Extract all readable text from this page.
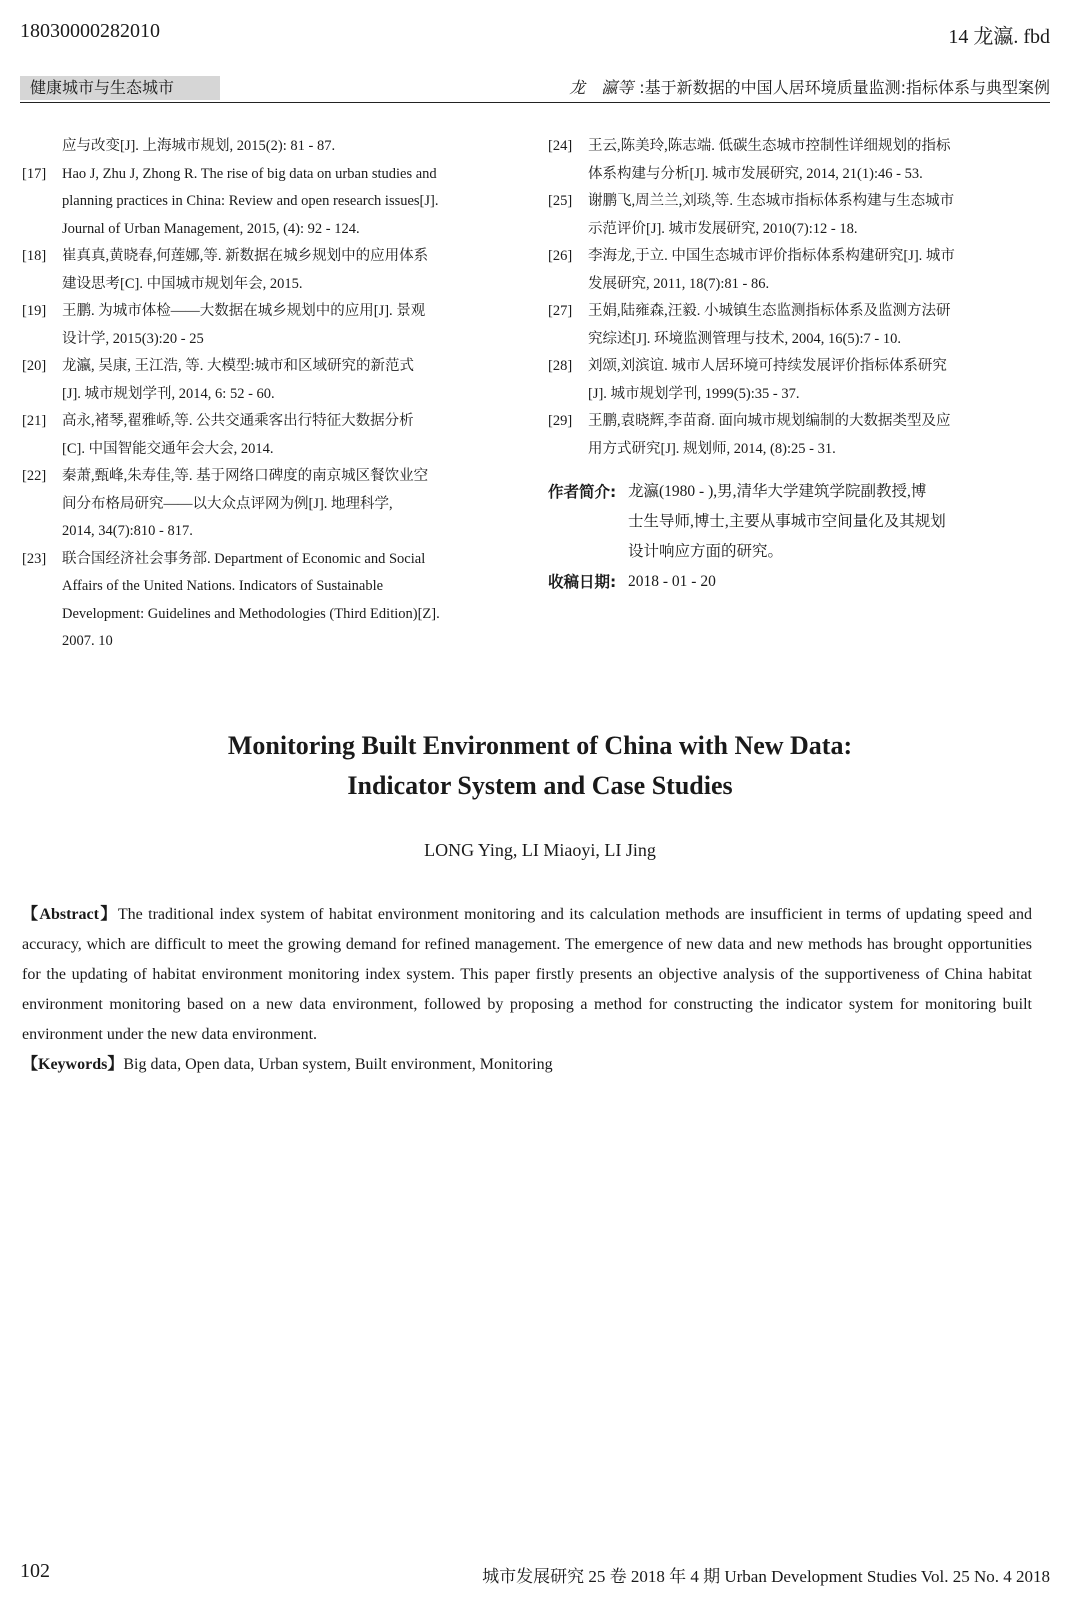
18030000282010	14 龙瀛. fbd
健康城市与生态城市	龙　瀛等 :基于新数据的中国人居环境质量监测:指标体系与典型案例
应与改变[J]. 上海城市规划, 2015(2): 81 - 87.
[17]	Hao J, Zhu J, Zhong R. The rise of big data on urban studies and
planning practices in China: Review and open research issues[J].
Journal of Urban Management, 2015, (4): 92 - 124.
[18]	崔真真,黄晓春,何莲娜,等. 新数据在城乡规划中的应用体系
建设思考[C]. 中国城市规划年会, 2015.
[19]	王鹏. 为城市体检——大数据在城乡规划中的应用[J]. 景观
设计学, 2015(3):20 - 25
[20]	龙瀛, 吴康, 王江浩, 等. 大模型:城市和区域研究的新范式
[J]. 城市规划学刊, 2014, 6: 52 - 60.
[21]	高永,褚琴,翟雅峤,等. 公共交通乘客出行特征大数据分析
[C]. 中国智能交通年会大会, 2014.
[22]	秦萧,甄峰,朱寿佳,等. 基于网络口碑度的南京城区餐饮业空
间分布格局研究——以大众点评网为例[J]. 地理科学,
2014, 34(7):810 - 817.
[23]	联合国经济社会事务部. Department of Economic and Social
Affairs of the United Nations. Indicators of Sustainable
Development: Guidelines and Methodologies (Third Edition)[Z].
2007. 10
[24]	王云,陈美玲,陈志端. 低碳生态城市控制性详细规划的指标
体系构建与分析[J]. 城市发展研究, 2014, 21(1):46 - 53.
[25]	谢鹏飞,周兰兰,刘琰,等. 生态城市指标体系构建与生态城市
示范评价[J]. 城市发展研究, 2010(7):12 - 18.
[26]	李海龙,于立. 中国生态城市评价指标体系构建研究[J]. 城市
发展研究, 2011, 18(7):81 - 86.
[27]	王娟,陆雍森,汪毅. 小城镇生态监测指标体系及监测方法研
究综述[J]. 环境监测管理与技术, 2004, 16(5):7 - 10.
[28]	刘颂,刘滨谊. 城市人居环境可持续发展评价指标体系研究
[J]. 城市规划学刊, 1999(5):35 - 37.
[29]	王鹏,袁晓辉,李苗裔. 面向城市规划编制的大数据类型及应
用方式研究[J]. 规划师, 2014, (8):25 - 31.
作者简介: 龙瀛(1980 - ),男,清华大学建筑学院副教授,博
士生导师,博士,主要从事城市空间量化及其规划
设计响应方面的研究。
收稿日期: 2018 - 01 - 20
Monitoring Built Environment of China with New Data:
Indicator System and Case Studies
LONG Ying, LI Miaoyi, LI Jing
【Abstract】The traditional index system of habitat environment monitoring and its calculation methods are insufficient in terms of updating speed and accuracy, which are difficult to meet the growing demand for refined management. The emergence of new data and new methods has brought opportunities for the updating of habitat environment monitoring index system. This paper firstly presents an objective analysis of the supportiveness of China habitat environment monitoring based on a new data environment, followed by proposing a method for constructing the indicator system for monitoring built environment under the new data environment.
【Keywords】Big data, Open data, Urban system, Built environment, Monitoring
102	城市发展研究 25 卷 2018 年 4 期 Urban Development Studies Vol. 25 No. 4 2018
